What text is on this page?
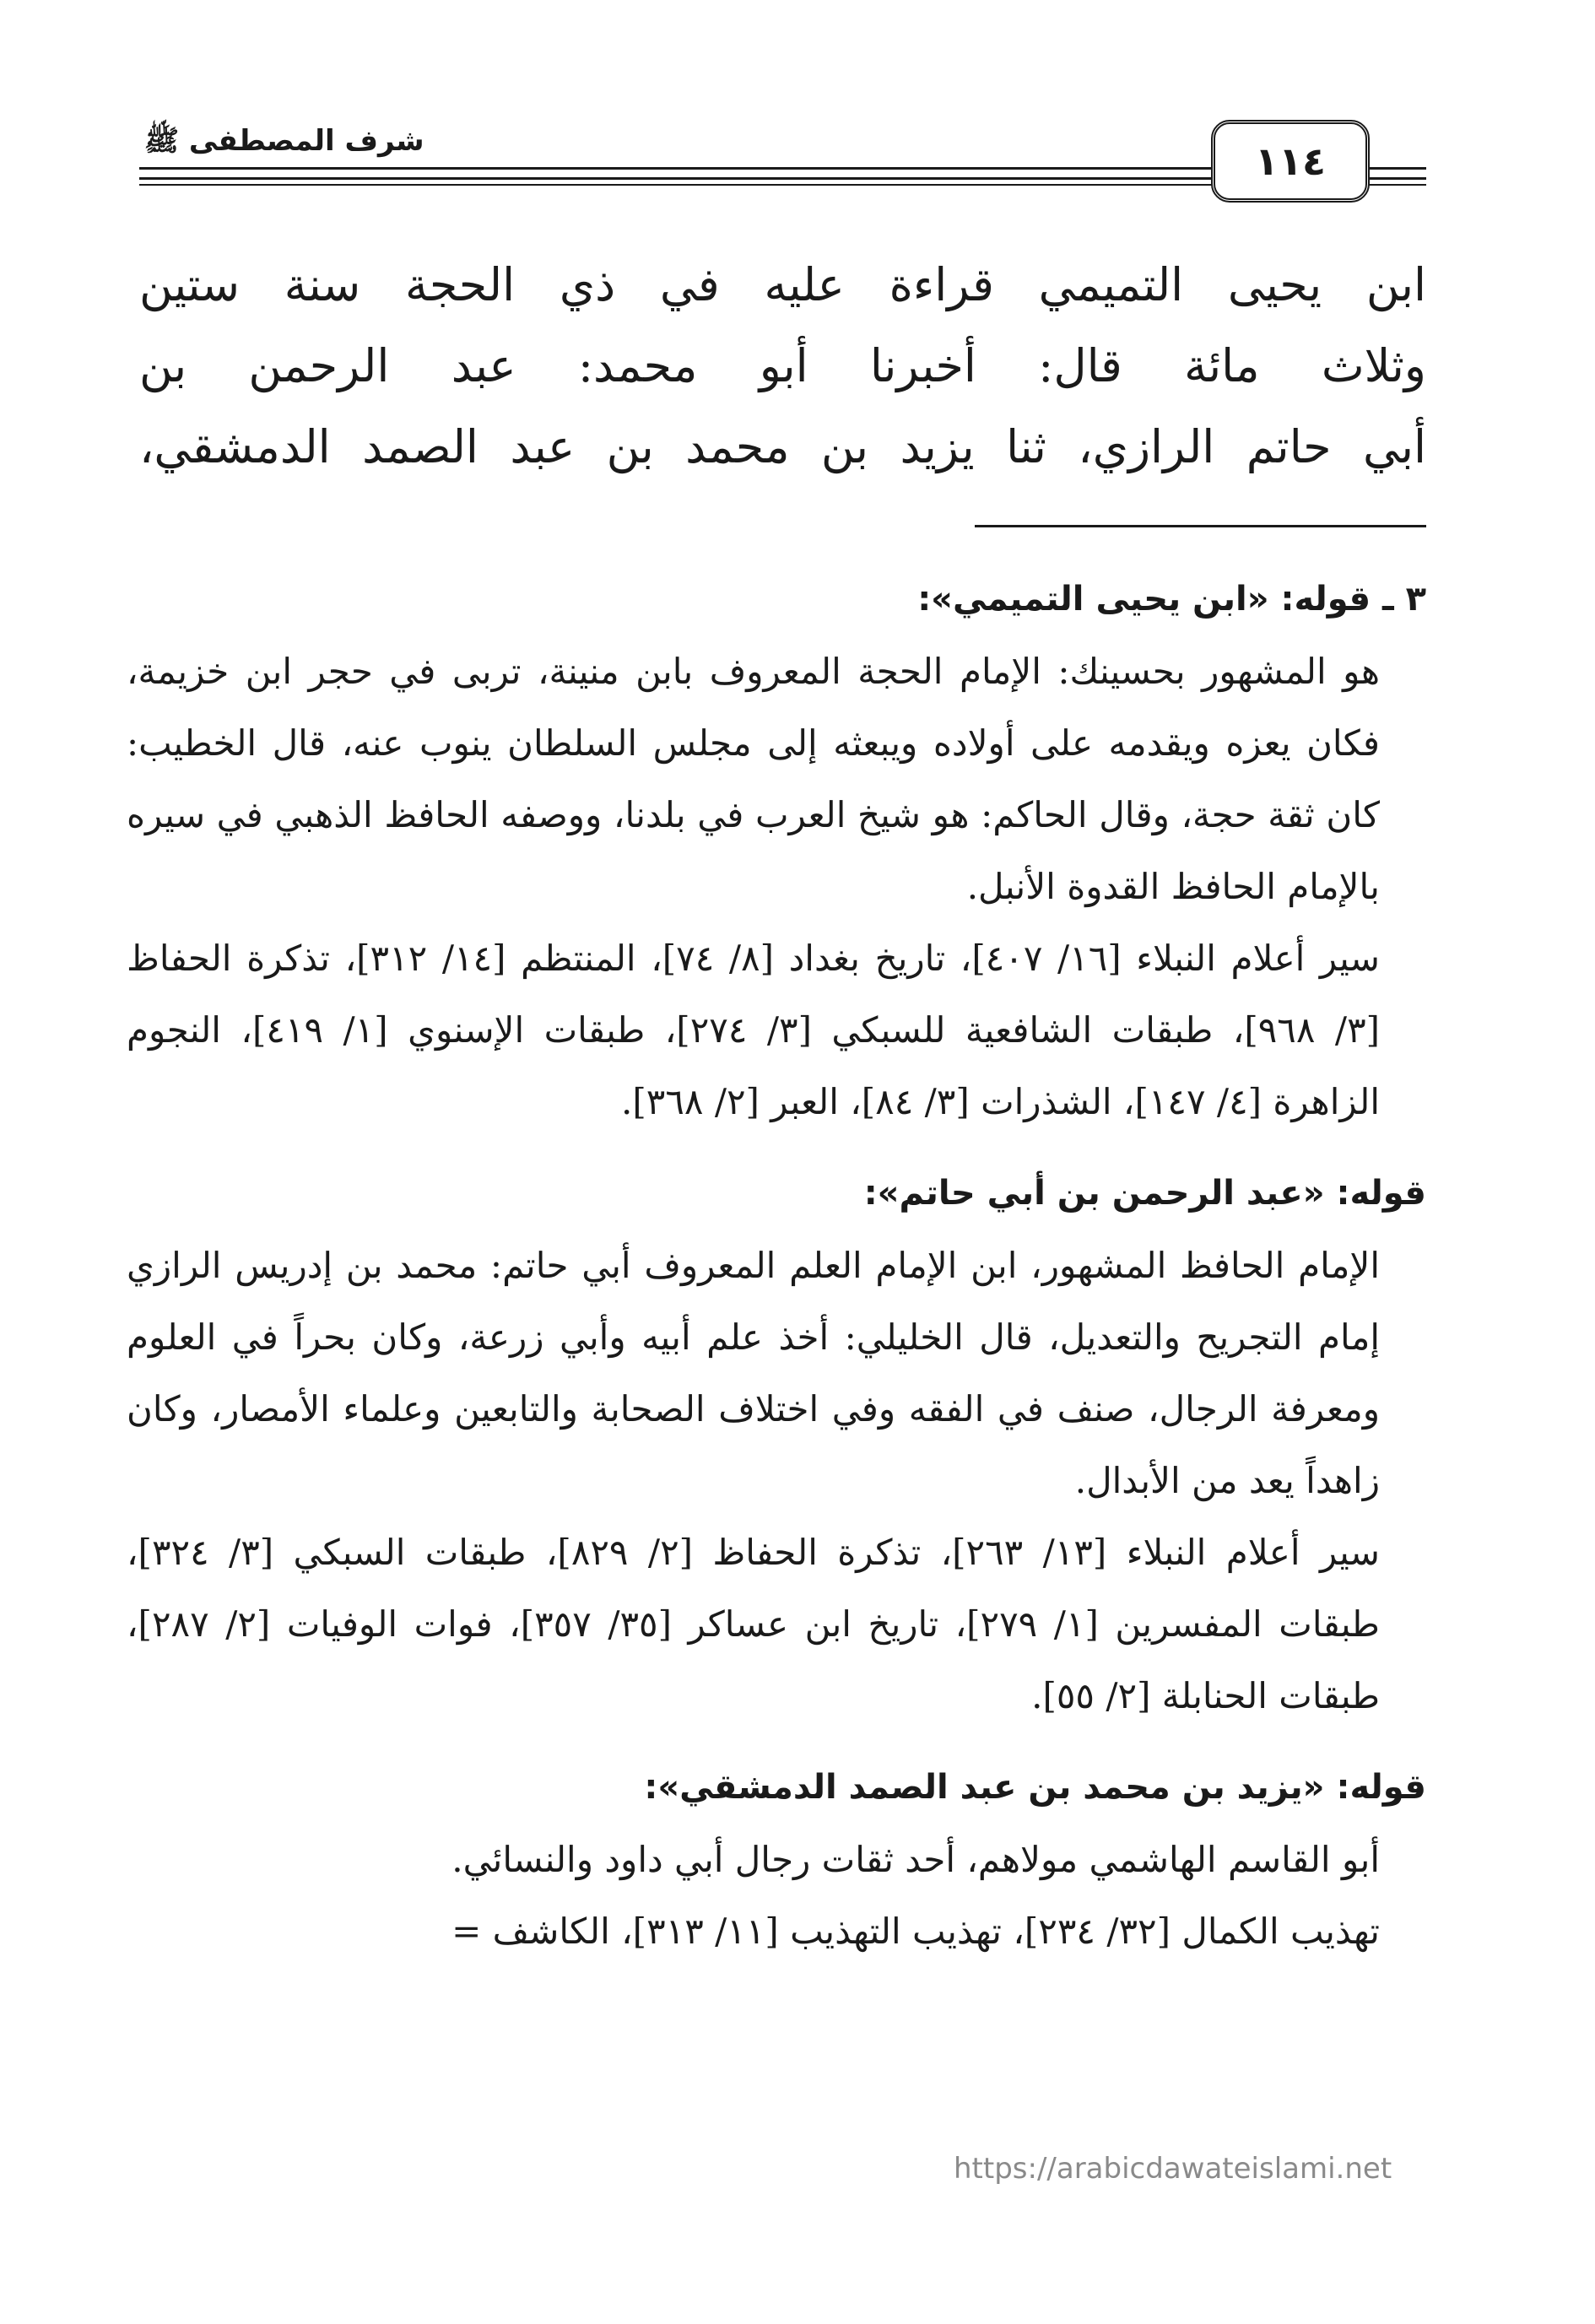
شرف المصطفى ﷺ	١١٤

ابن يحيى التميمي قراءة عليه في ذي الحجة سنة ستين

وثلاث مائة قال: أخبرنا أبو محمد: عبد الرحمن بن

أبي حاتم الرازي، ثنا يزيد بن محمد بن عبد الصمد الدمشقي،

٣ ـ قوله: «ابن يحيى التميمي»:

هو المشهور بحسينك: الإمام الحجة المعروف بابن منينة، تربى في حجر ابن خزيمة، فكان يعزه ويقدمه على أولاده ويبعثه إلى مجلس السلطان ينوب عنه، قال الخطيب: كان ثقة حجة، وقال الحاكم: هو شيخ العرب في بلدنا، ووصفه الحافظ الذهبي في سيره بالإمام الحافظ القدوة الأنبل.

سير أعلام النبلاء [١٦/ ٤٠٧]، تاريخ بغداد [٨/ ٧٤]، المنتظم [١٤/ ٣١٢]، تذكرة الحفاظ [٣/ ٩٦٨]، طبقات الشافعية للسبكي [٣/ ٢٧٤]، طبقات الإسنوي [١/ ٤١٩]، النجوم الزاهرة [٤/ ١٤٧]، الشذرات [٣/ ٨٤]، العبر [٢/ ٣٦٨].

قوله: «عبد الرحمن بن أبي حاتم»:

الإمام الحافظ المشهور، ابن الإمام العلم المعروف أبي حاتم: محمد بن إدريس الرازي إمام التجريح والتعديل، قال الخليلي: أخذ علم أبيه وأبي زرعة، وكان بحراً في العلوم ومعرفة الرجال، صنف في الفقه وفي اختلاف الصحابة والتابعين وعلماء الأمصار، وكان زاهداً يعد من الأبدال.

سير أعلام النبلاء [١٣/ ٢٦٣]، تذكرة الحفاظ [٢/ ٨٢٩]، طبقات السبكي [٣/ ٣٢٤]، طبقات المفسرين [١/ ٢٧٩]، تاريخ ابن عساكر [٣٥/ ٣٥٧]، فوات الوفيات [٢/ ٢٨٧]، طبقات الحنابلة [٢/ ٥٥].

قوله: «يزيد بن محمد بن عبد الصمد الدمشقي»:

أبو القاسم الهاشمي مولاهم، أحد ثقات رجال أبي داود والنسائي.

تهذيب الكمال [٣٢/ ٢٣٤]، تهذيب التهذيب [١١/ ٣١٣]، الكاشف =

https://arabicdawateislami.net
